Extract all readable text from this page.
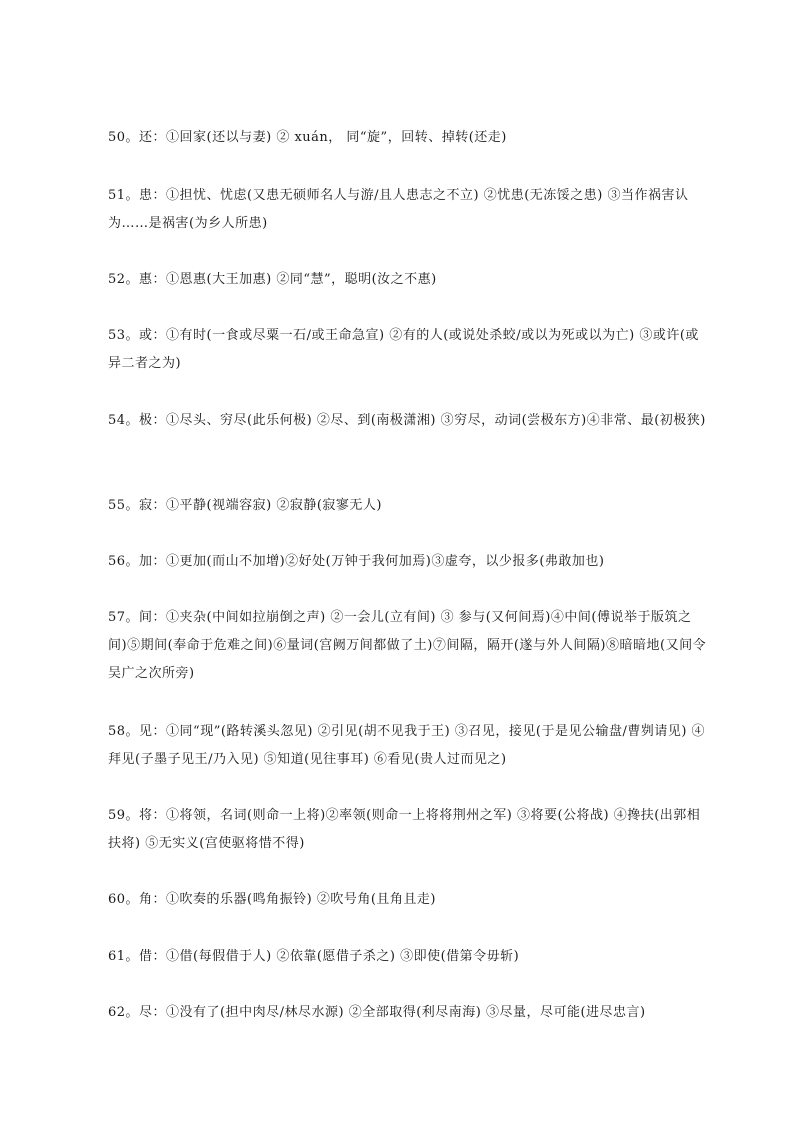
50。还：①回家(还以与妻) ② xuán， 同“旋”，回转、掉转(还走)

51。患：①担忧、忧虑(又患无硕师名人与游/且人患志之不立) ②忧患(无冻馁之患) ③当作祸害认为……是祸害(为乡人所患)

52。惠：①恩惠(大王加惠) ②同“慧”，聪明(汝之不惠)

53。或：①有时(一食或尽粟一石/或王命急宣) ②有的人(或说处杀蛟/或以为死或以为亡) ③或许(或异二者之为)

54。极：①尽头、穷尽(此乐何极) ②尽、到(南极潇湘) ③穷尽，动词(尝极东方)④非常、最(初极狭)

55。寂：①平静(视端容寂) ②寂静(寂寥无人)

56。加：①更加(而山不加增)②好处(万钟于我何加焉)③虚夸，以少报多(弗敢加也)

57。间：①夹杂(中间如拉崩倒之声) ②一会儿(立有间) ③ 参与(又何间焉)④中间(傅说举于版筑之间)⑤期间(奉命于危难之间)⑥量词(宫阙万间都做了土)⑦间隔，隔开(遂与外人间隔)⑧暗暗地(又间令吴广之次所旁)

58。见：①同“现”(路转溪头忽见) ②引见(胡不见我于王) ③召见，接见(于是见公输盘/曹刿请见) ④拜见(子墨子见王/乃入见) ⑤知道(见往事耳) ⑥看见(贵人过而见之)

59。将：①将领，名词(则命一上将)②率领(则命一上将将荆州之军) ③将要(公将战) ④搀扶(出郭相扶将) ⑤无实义(宫使驱将惜不得)

60。角：①吹奏的乐器(鸣角振铃) ②吹号角(且角且走)

61。借：①借(每假借于人) ②依靠(愿借子杀之) ③即使(借第令毋斩)

62。尽：①没有了(担中肉尽/林尽水源) ②全部取得(利尽南海) ③尽量，尽可能(进尽忠言)
